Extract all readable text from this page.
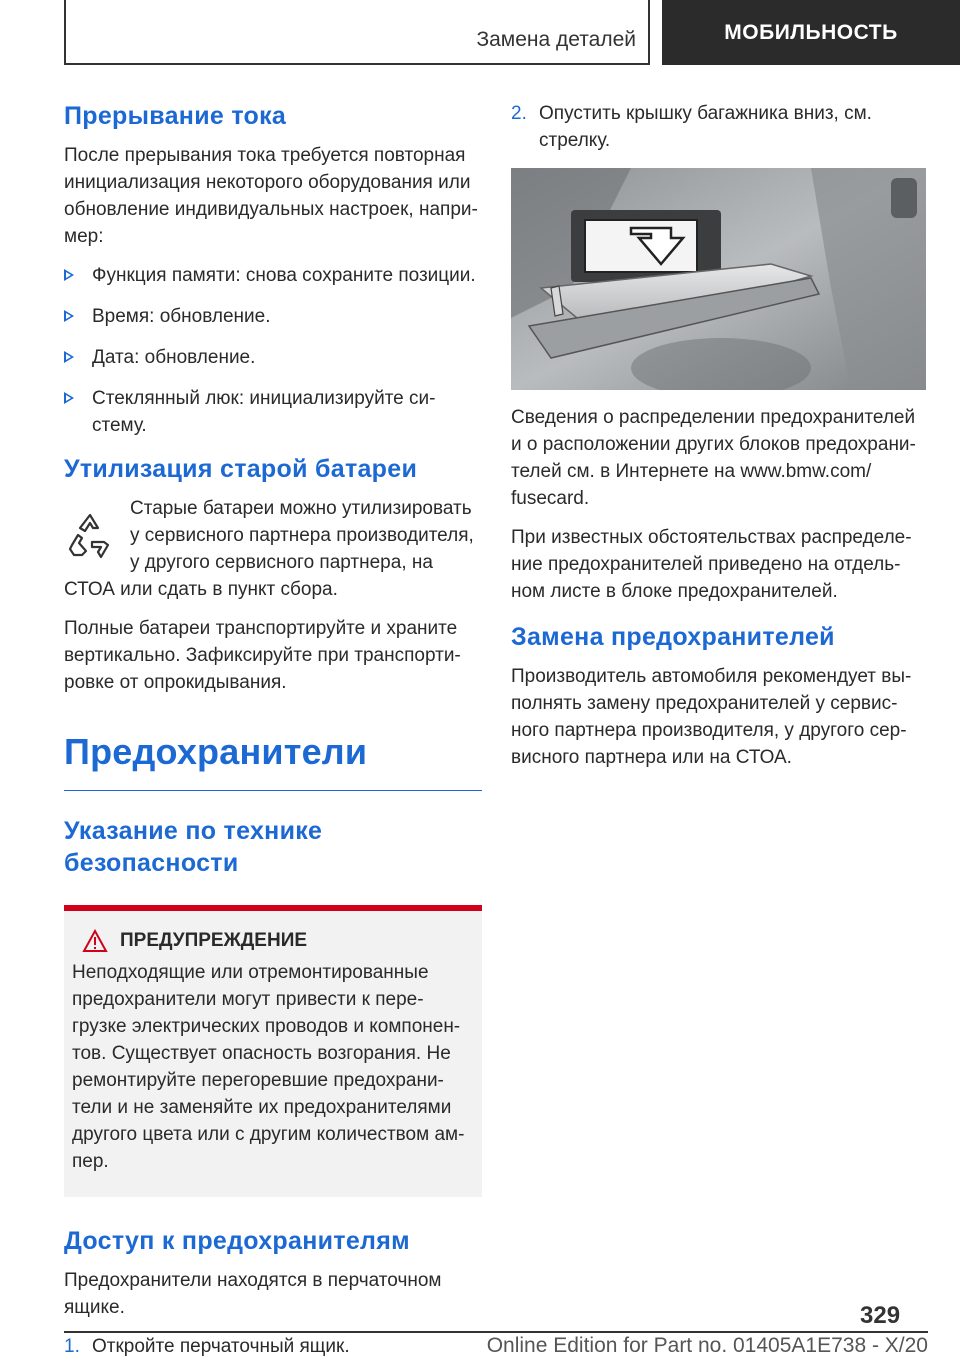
Замена деталей	МОБИЛЬНОСТЬ
Прерывание тока
После прерывания тока требуется повторная инициализация некоторого оборудования или обновление индивидуальных настроек, напри-мер:
Функция памяти: снова сохраните позиции.
Время: обновление.
Дата: обновление.
Стеклянный люк: инициализируйте си-стему.
Утилизация старой батареи
Старые батареи можно утилизировать у сервисного партнера производителя, у другого сервисного партнера, на СТОА или сдать в пункт сбора.
Полные батареи транспортируйте и храните вертикально. Зафиксируйте при транспорти-ровке от опрокидывания.
Предохранители
Указание по технике безопасности
ПРЕДУПРЕЖДЕНИЕ
Неподходящие или отремонтированные предохранители могут привести к пере-грузке электрических проводов и компонен-тов. Существует опасность возгорания. Не ремонтируйте перегоревшие предохрани-тели и не заменяйте их предохранителями другого цвета или с другим количеством ам-пер.
Доступ к предохранителям
Предохранители находятся в перчаточном ящике.
1. Откройте перчаточный ящик.
2. Опустить крышку багажника вниз, см. стрелку.
Сведения о распределении предохранителей и о расположении других блоков предохрани-телей см. в Интернете на www.bmw.com/ fusecard.
При известных обстоятельствах распределе-ние предохранителей приведено на отдель-ном листе в блоке предохранителей.
Замена предохранителей
Производитель автомобиля рекомендует вы-полнять замену предохранителей у сервис-ного партнера производителя, у другого сер-висного партнера или на СТОА.
329
Online Edition for Part no. 01405A1E738 - X/20
